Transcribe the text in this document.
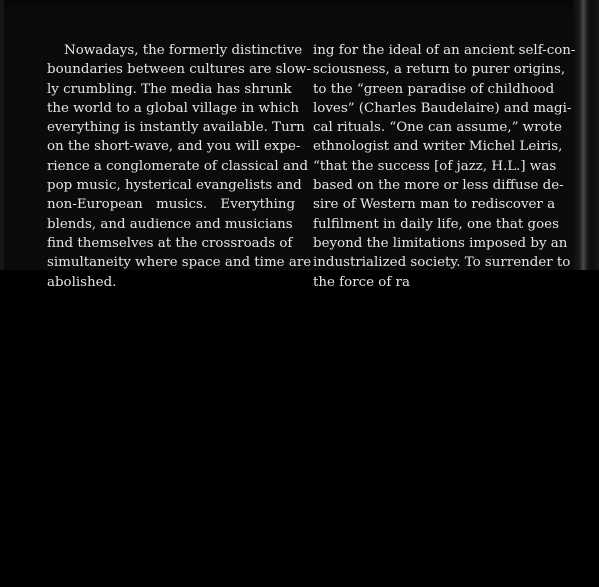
Nowadays, the formerly distinctive
boundaries between cultures are slow-
ly crumbling. The media has shrunk
the world to a global village in which
everything is instantly available. Turn
on the short-wave, and you will expe-
rience a conglomerate of classical and
pop music, hysterical evangelists and
non-European musics. Everything
blends, and audience and musicians
find themselves at the crossroads of
simultaneity where space and time are
abolished.
ing for the ideal of an ancient self-con-
sciousness, a return to purer origins,
to the “green paradise of childhood
loves” (Charles Baudelaire) and magi-
cal rituals. “One can assume,” wrote
ethnologist and writer Michel Leiris,
“that the success [of jazz, H.L.] was
based on the more or less diffuse de-
sire of Western man to rediscover a
fulfilment in daily life, one that goes
beyond the limitations imposed by an
industrialized society. To surrender to
the force of ra
